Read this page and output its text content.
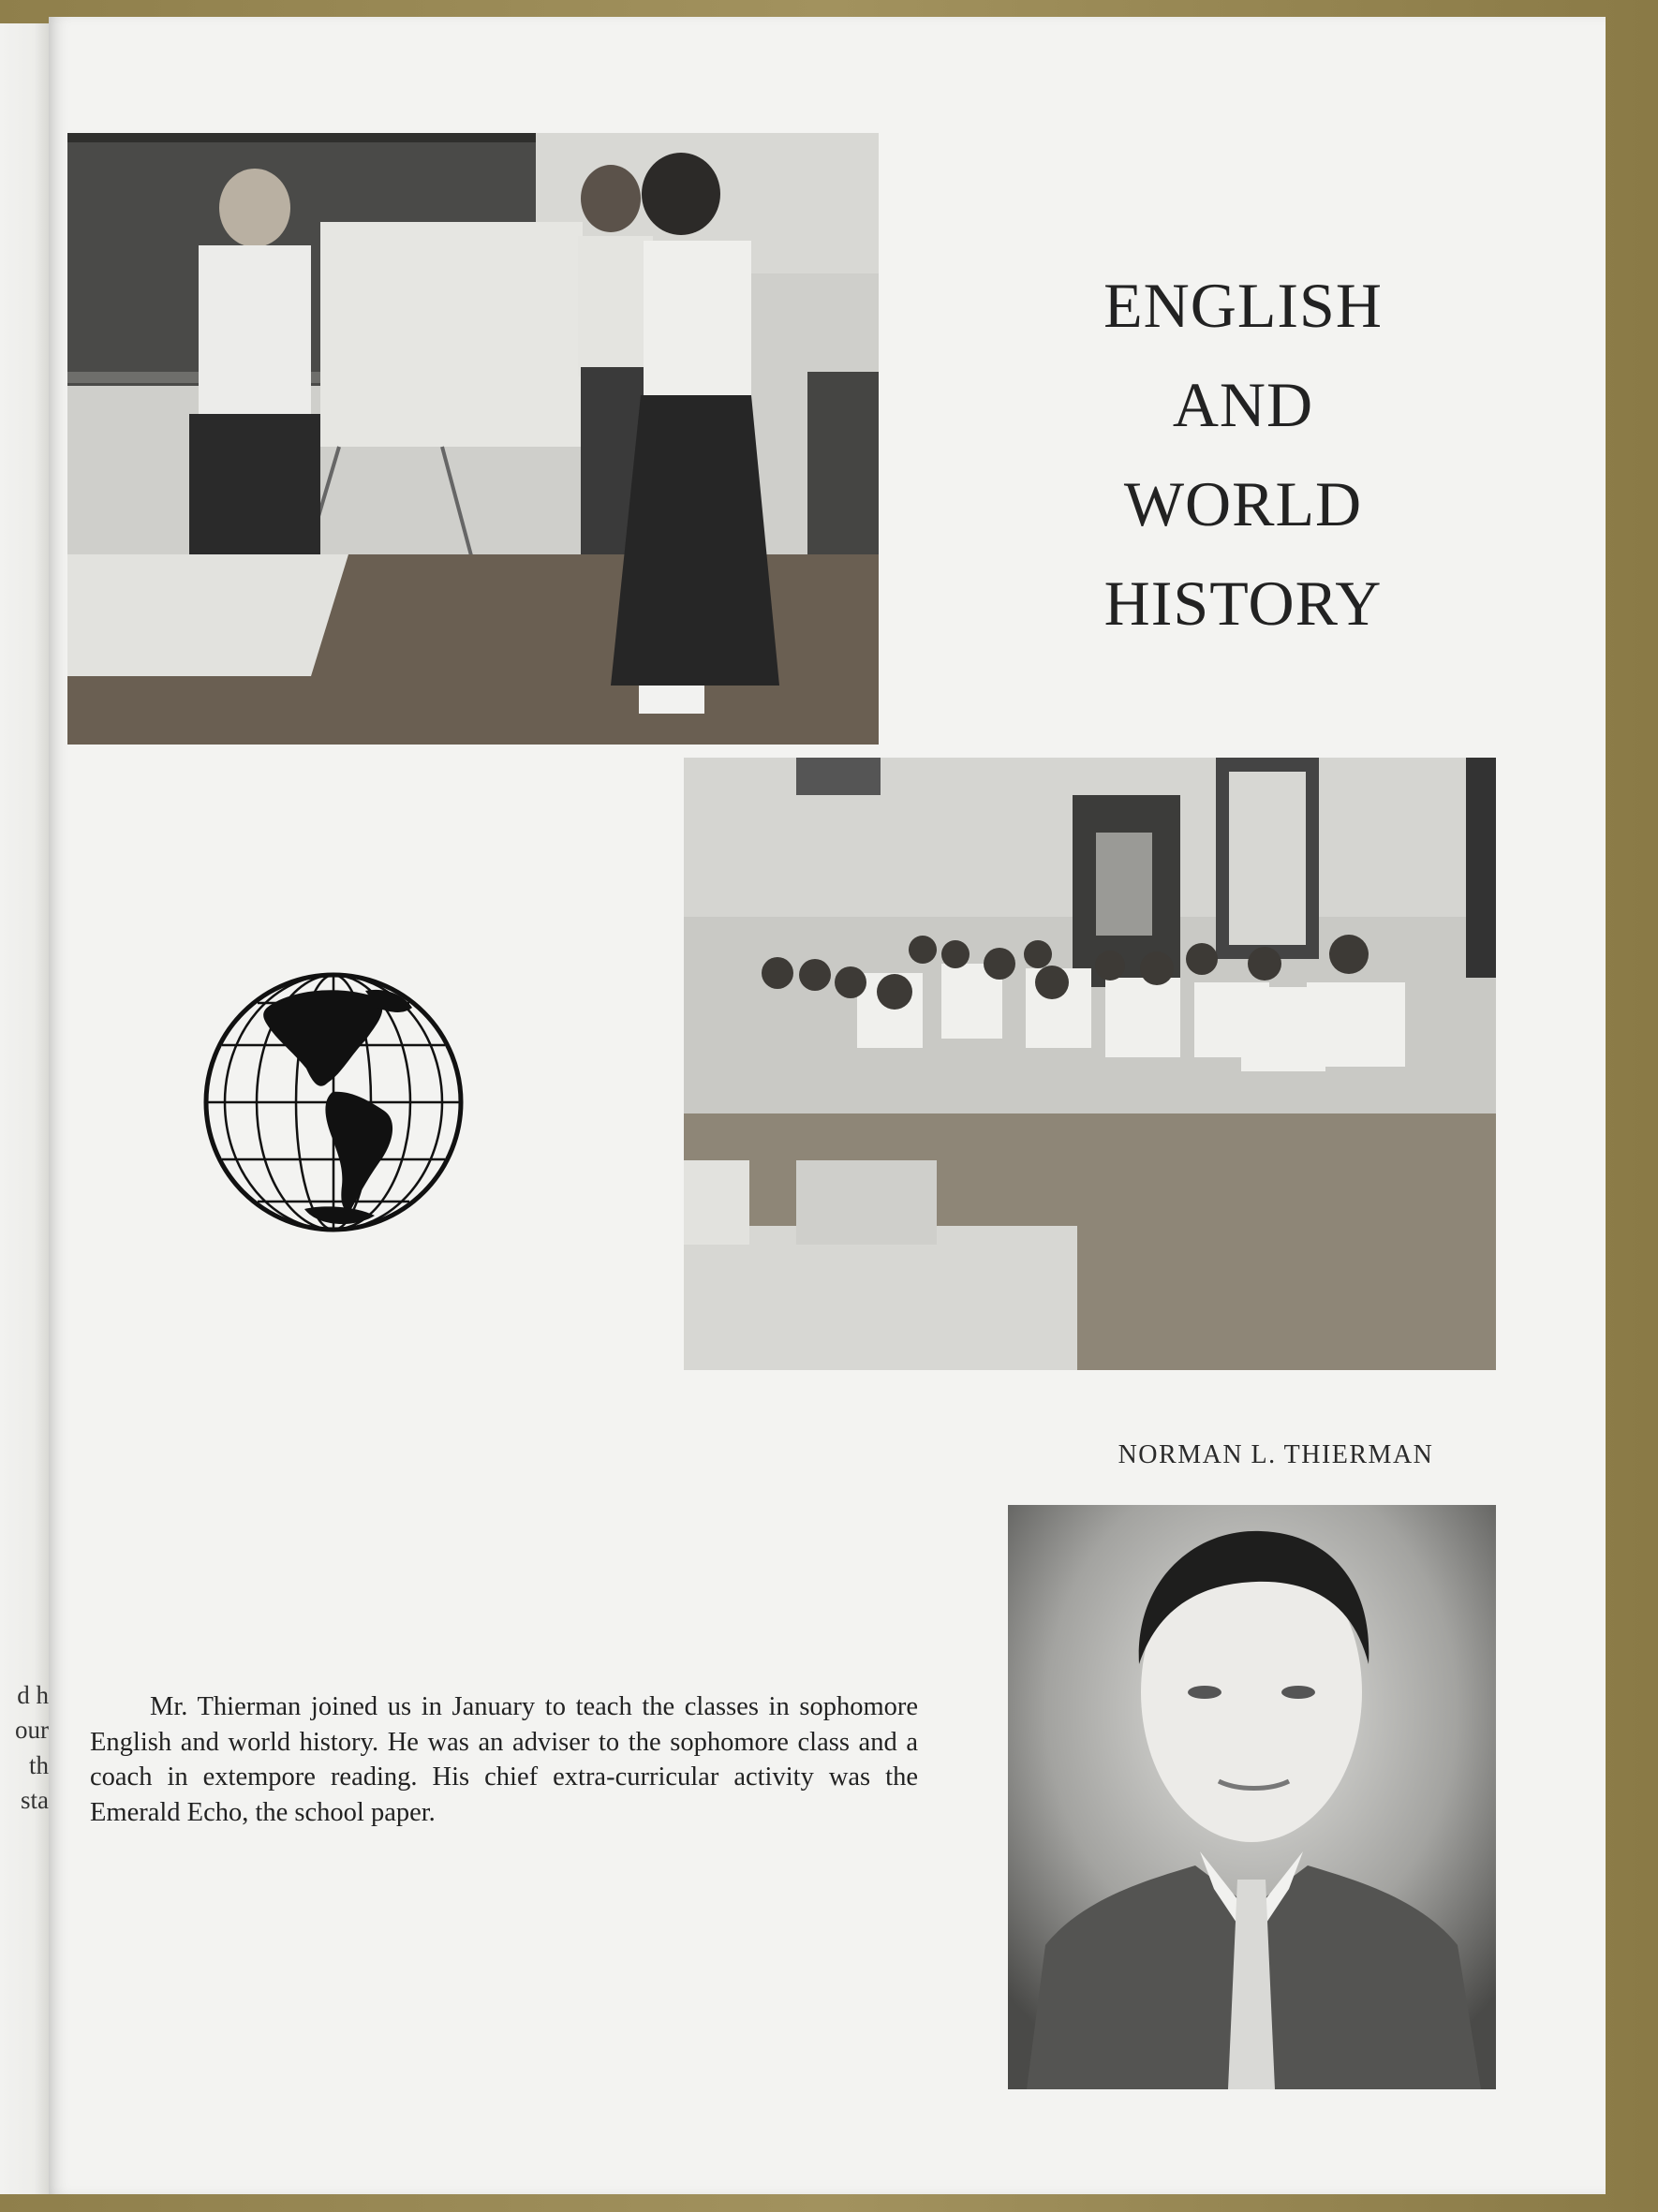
d h
our
th
sta
ENGLISH
AND
WORLD
HISTORY
NORMAN L. THIERMAN
Mr. Thierman joined us in January to teach the classes in sophomore English and world history. He was an adviser to the sophomore class and a coach in extempore reading. His chief extra-curricular activity was the Emerald Echo, the school paper.
